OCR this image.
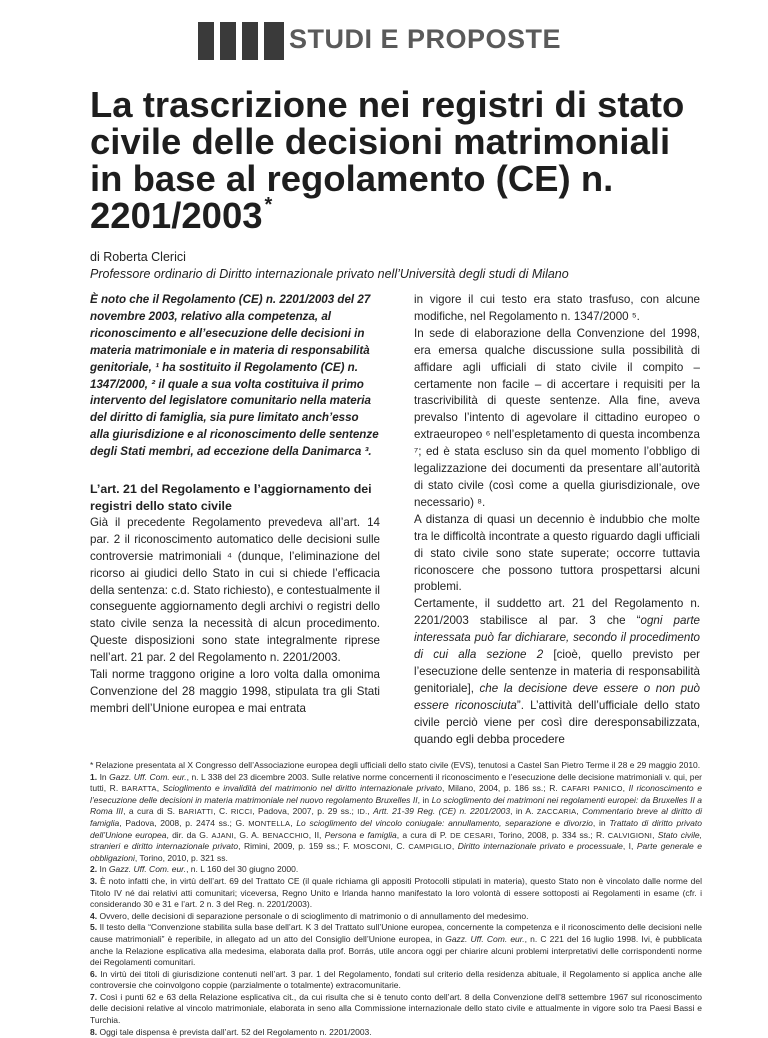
STUDI E PROPOSTE
La trascrizione nei registri di stato civile delle decisioni matrimoniali in base al regolamento (CE) n. 2201/2003 *
di Roberta Clerici
Professore ordinario di Diritto internazionale privato nell’Università degli studi di Milano

È noto che il Regolamento (CE) n. 2201/2003 del 27 novembre 2003, relativo alla competenza, al riconoscimento e all’esecuzione delle decisioni in materia matrimoniale e in materia di responsabilità genitoriale, ¹ ha sostituito il Regolamento (CE) n. 1347/2000, ² il quale a sua volta costituiva il primo intervento del legislatore comunitario nella materia del diritto di famiglia, sia pure limitato anch’esso alla giurisdizione e al riconoscimento delle sentenze degli Stati membri, ad eccezione della Danimarca ³.

L’art. 21 del Regolamento e l’aggiornamento dei registri dello stato civile

Già il precedente Regolamento prevedeva all’art. 14 par. 2 il riconoscimento automatico delle decisioni sulle controversie matrimoniali ⁴ (dunque, l’eliminazione del ricorso ai giudici dello Stato in cui si chiede l’efficacia della sentenza: c.d. Stato richiesto), e contestualmente il conseguente aggiornamento degli archivi o registri dello stato civile senza la necessità di alcun procedimento. Queste disposizioni sono state integralmente riprese nell’art. 21 par. 2 del Regolamento n. 2201/2003.

Tali norme traggono origine a loro volta dalla omonima Convenzione del 28 maggio 1998, stipulata tra gli Stati membri dell’Unione europea e mai entrata

in vigore il cui testo era stato trasfuso, con alcune modifiche, nel Regolamento n. 1347/2000 ⁵.

In sede di elaborazione della Convenzione del 1998, era emersa qualche discussione sulla possibilità di affidare agli ufficiali di stato civile il compito – certamente non facile – di accertare i requisiti per la trascrivibilità di queste sentenze. Alla fine, aveva prevalso l’intento di agevolare il cittadino europeo o extraeuropeo ⁶ nell’espletamento di questa incombenza ⁷; ed è stata escluso sin da quel momento l’obbligo di legalizzazione dei documenti da presentare all’autorità di stato civile (così come a quella giurisdizionale, ove necessario) ⁸.

A distanza di quasi un decennio è indubbio che molte tra le difficoltà incontrate a questo riguardo dagli ufficiali di stato civile sono state superate; occorre tuttavia riconoscere che possono tuttora prospettarsi alcuni problemi.

Certamente, il suddetto art. 21 del Regolamento n. 2201/2003 stabilisce al par. 3 che “ogni parte interessata può far dichiarare, secondo il procedimento di cui alla sezione 2 [cioè, quello previsto per l’esecuzione delle sentenze in materia di responsabilità genitoriale], che la decisione deve essere o non può essere riconosciuta”. L’attività dell’ufficiale dello stato civile perciò viene per così dire deresponsabilizzata, quando egli debba procedere

* Relazione presentata al X Congresso dell’Associazione europea degli ufficiali dello stato civile (EVS), tenutosi a Castel San Pietro Terme il 28 e 29 maggio 2010.

1. In Gazz. Uff. Com. eur., n. L 338 del 23 dicembre 2003. Sulle relative norme concernenti il riconoscimento e l’esecuzione delle decisione matrimoniali v. qui, per tutti, R. BARATTA, Scioglimento e invalidità del matrimonio nel diritto internazionale privato, Milano, 2004, p. 186 ss.; R. CAFARI PANICO, Il riconoscimento e l’esecuzione delle decisioni in materia matrimoniale nel nuovo regolamento Bruxelles II, in Lo scioglimento dei matrimoni nei regolamenti europei: da Bruxelles II a Roma III, a cura di S. BARIATTI, C. RICCI, Padova, 2007, p. 29 ss.; ID., Artt. 21-39 Reg. (CE) n. 2201/2003, in A. ZACCARIA, Commentario breve al diritto di famiglia, Padova, 2008, p. 2474 ss.; G. MONTELLA, Lo scioglimento del vincolo coniugale: annullamento, separazione e divorzio, in Trattato di diritto privato dell’Unione europea, dir. da G. AJANI, G. A. BENACCHIO, II, Persona e famiglia, a cura di P. DE CESARI, Torino, 2008, p. 334 ss.; R. CALVIGIONI, Stato civile, stranieri e diritto internazionale privato, Rimini, 2009, p. 159 ss.; F. MOSCONI, C. CAMPIGLIO, Diritto internazionale privato e processuale, I, Parte generale e obbligazioni, Torino, 2010, p. 321 ss.

2. In Gazz. Uff. Com. eur., n. L 160 del 30 giugno 2000.

3. È noto infatti che, in virtù dell’art. 69 del Trattato CE (il quale richiama gli appositi Protocolli stipulati in materia), questo Stato non è vincolato dalle norme del Titolo IV né dai relativi atti comunitari; viceversa, Regno Unito e Irlanda hanno manifestato la loro volontà di essere sottoposti ai Regolamenti in esame (cfr. i considerando 30 e 31 e l’art. 2 n. 3 del Reg. n. 2201/2003).

4. Ovvero, delle decisioni di separazione personale o di scioglimento di matrimonio o di annullamento del medesimo.

5. Il testo della “Convenzione stabilita sulla base dell’art. K 3 del Trattato sull’Unione europea, concernente la competenza e il riconoscimento delle decisioni nelle cause matrimoniali” è reperibile, in allegato ad un atto del Consiglio dell’Unione europea, in Gazz. Uff. Com. eur., n. C 221 del 16 luglio 1998. Ivi, è pubblicata anche la Relazione esplicativa alla medesima, elaborata dalla prof. Borrás, utile ancora oggi per chiarire alcuni problemi interpretativi delle corrispondenti norme dei Regolamenti comunitari.

6. In virtù dei titoli di giurisdizione contenuti nell’art. 3 par. 1 del Regolamento, fondati sul criterio della residenza abituale, il Regolamento si applica anche alle controversie che coinvolgono coppie (parzialmente o totalmente) extracomunitarie.

7. Così i punti 62 e 63 della Relazione esplicativa cit., da cui risulta che si è tenuto conto dell’art. 8 della Convenzione dell’8 settembre 1967 sul riconoscimento delle decisioni relative al vincolo matrimoniale, elaborata in seno alla Commissione internazionale dello stato civile e attualmente in vigore solo tra Paesi Bassi e Turchia.

8. Oggi tale dispensa è prevista dall’art. 52 del Regolamento n. 2201/2003.
